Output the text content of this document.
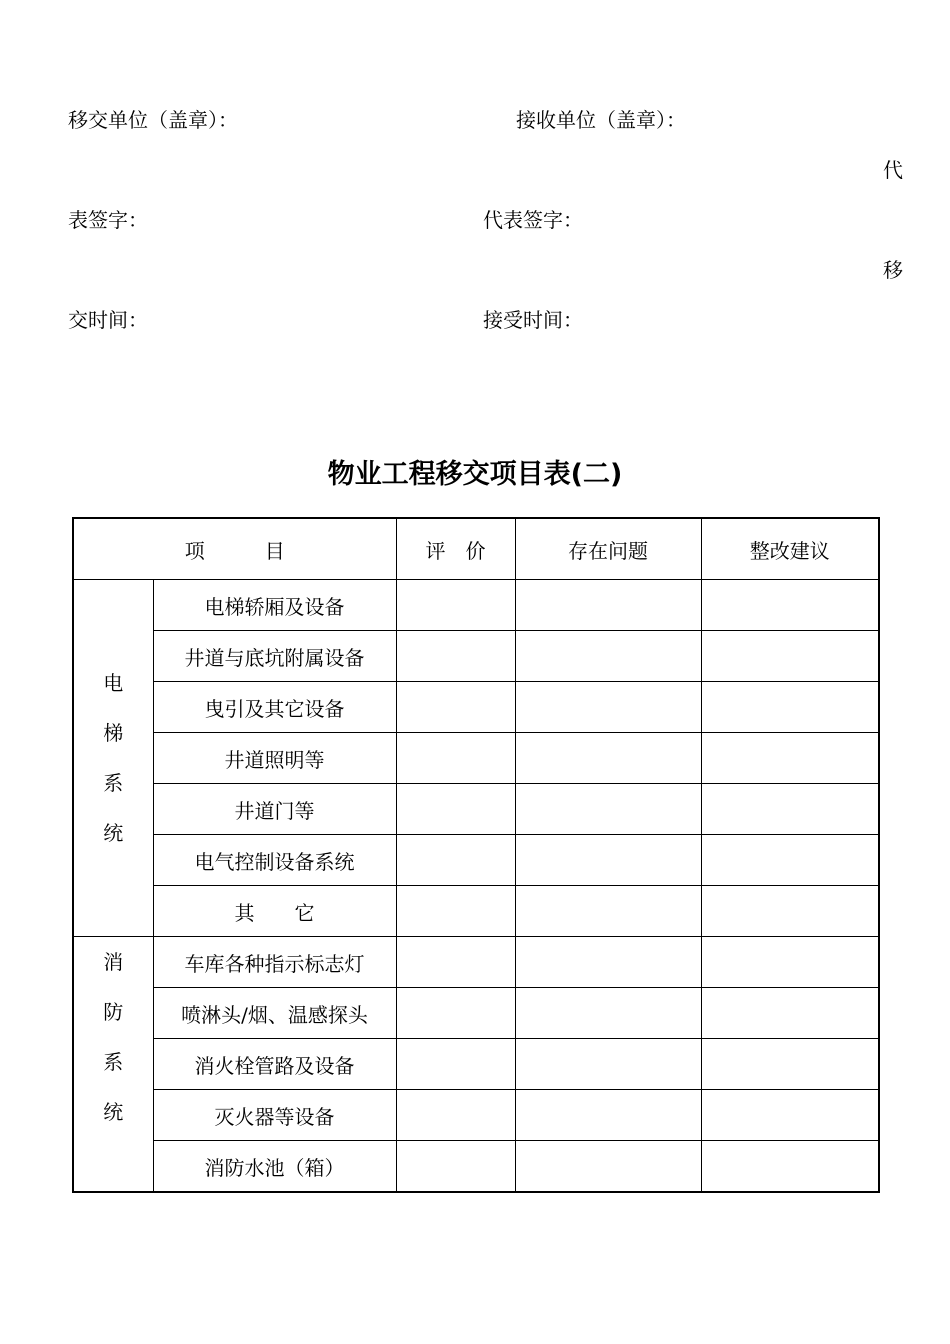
移交单位（盖章）：	接收单位（盖章）：
代
表签字：	代表签字：
移
交时间：	接受时间：
物业工程移交项目表(二)
项　　　目		评　价	存在问题	整改建议
电梯系统	电梯轿厢及设备			
	井道与底坑附属设备			
	曳引及其它设备			
	井道照明等			
	井道门等			
	电气控制设备系统			
	其　　它			
消防系统	车库各种指示标志灯			
	喷淋头/烟、温感探头			
	消火栓管路及设备			
	灭火器等设备			
	消防水池（箱）			
